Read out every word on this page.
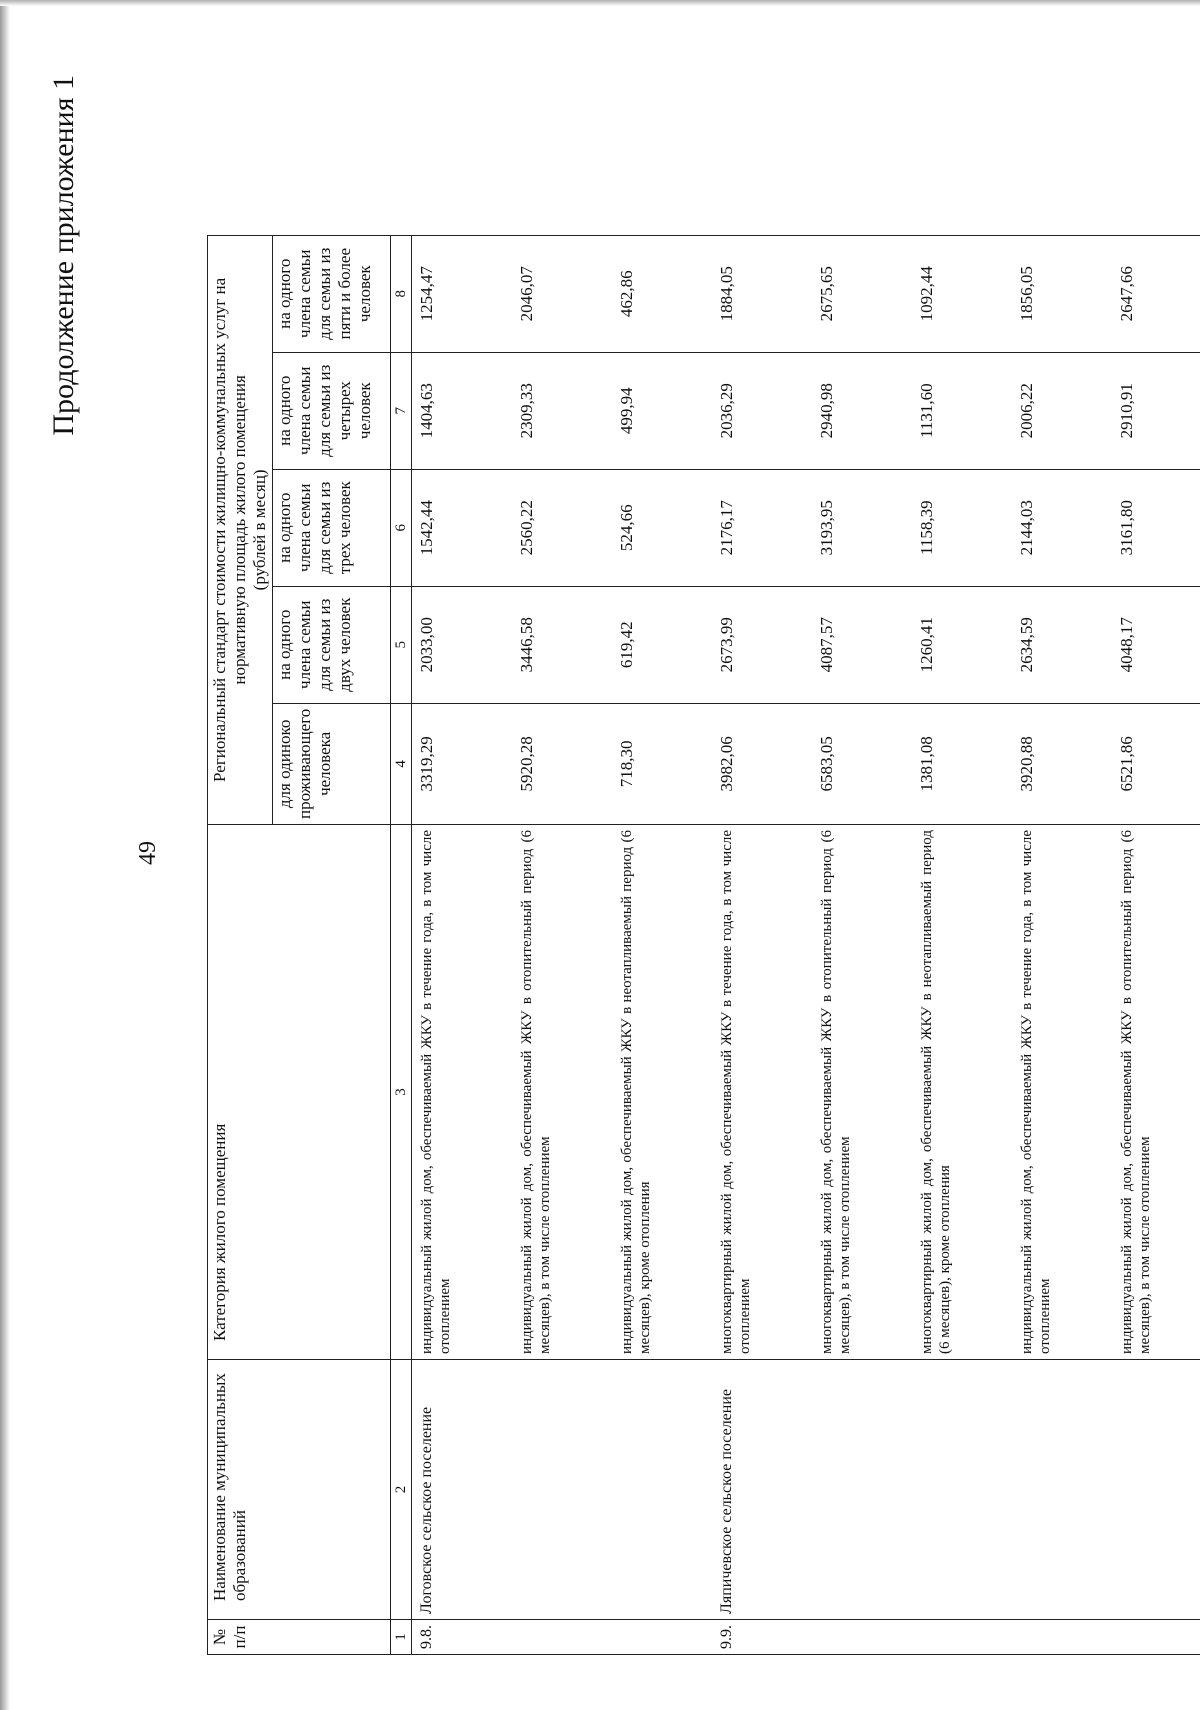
Продолжение приложения 1
49
№ п/п	Наименование муниципальных образований	Категория жилого помещения	Региональный стандарт стоимости жилищно-коммунальных услуг на нормативную площадь жилого помещения (рублей в месяц)				

			для одиноко проживающего человека	на одного члена семьи для семьи из двух человек	на одного члена семьи для семьи из трех человек	на одного члена семьи для семьи из четырех человек	на одного члена семьи для семьи из пяти и более человек
1	2	3	4	5	6	7	8
9.8.	Логовское сельское поселение	индивидуальный жилой дом, обеспечиваемый ЖКУ в течение года, в том числе отоплением	3319,29	2033,00	1542,44	1404,63	1254,47
		индивидуальный жилой дом, обеспечиваемый ЖКУ в отопительный период (6 месяцев), в том числе отоплением	5920,28	3446,58	2560,22	2309,33	2046,07
		индивидуальный жилой дом, обеспечиваемый ЖКУ в неотапливаемый период (6 месяцев), кроме отопления	718,30	619,42	524,66	499,94	462,86
9.9.	Ляпичевское сельское поселение	многоквартирный жилой дом, обеспечиваемый ЖКУ в течение года, в том числе отоплением	3982,06	2673,99	2176,17	2036,29	1884,05
		многоквартирный жилой дом, обеспечиваемый ЖКУ в отопительный период (6 месяцев), в том числе отоплением	6583,05	4087,57	3193,95	2940,98	2675,65
		многоквартирный жилой дом, обеспечиваемый ЖКУ в неотапливаемый период (6 месяцев), кроме отопления	1381,08	1260,41	1158,39	1131,60	1092,44
		индивидуальный жилой дом, обеспечиваемый ЖКУ в течение года, в том числе отоплением	3920,88	2634,59	2144,03	2006,22	1856,05
		индивидуальный жилой дом, обеспечиваемый ЖКУ в отопительный период (6 месяцев), в том числе отоплением	6521,86	4048,17	3161,80	2910,91	2647,66
